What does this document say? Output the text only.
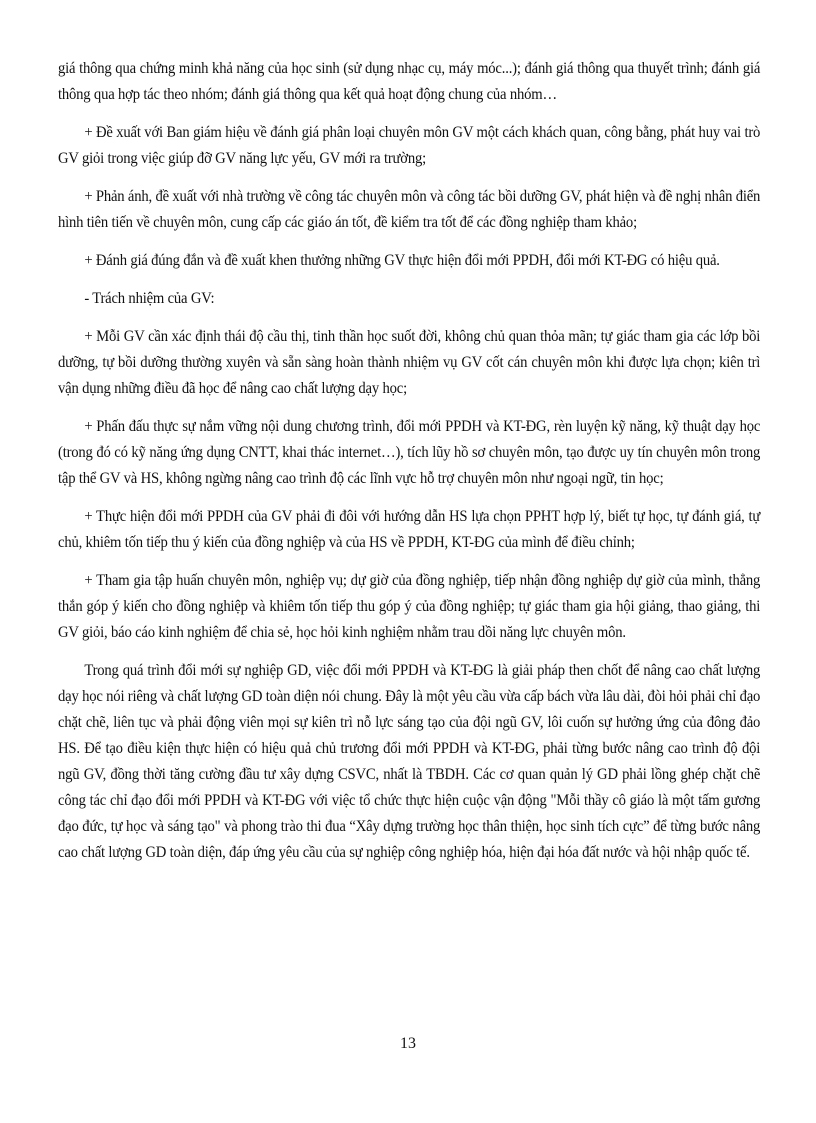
giá thông qua chứng minh khả năng của học sinh (sử dụng nhạc cụ, máy móc...); đánh giá thông qua thuyết trình; đánh giá thông qua hợp tác theo nhóm; đánh giá thông qua kết quả hoạt động chung của nhóm…

+ Đề xuất với Ban giám hiệu về đánh giá phân loại chuyên môn GV một cách khách quan, công bằng, phát huy vai trò GV giỏi trong việc giúp đỡ GV năng lực yếu, GV mới ra trường;

+ Phản ánh, đề xuất với nhà trường về công tác chuyên môn và công tác bồi dưỡng GV, phát hiện và đề nghị nhân điển hình tiên tiến về chuyên môn, cung cấp các giáo án tốt, đề kiểm tra tốt để các đồng nghiệp tham khảo;

+ Đánh giá đúng đắn và đề xuất khen thưởng những GV thực hiện đổi mới PPDH, đổi mới KT-ĐG có hiệu quả.

- Trách nhiệm của GV:

+ Mỗi GV cần xác định thái độ cầu thị, tinh thần học suốt đời, không chủ quan thỏa mãn; tự giác tham gia các lớp bồi dưỡng, tự bồi dưỡng thường xuyên và sẵn sàng hoàn thành nhiệm vụ GV cốt cán chuyên môn khi được lựa chọn; kiên trì vận dụng những điều đã học để nâng cao chất lượng dạy học;

+ Phấn đấu thực sự nắm vững nội dung chương trình, đổi mới PPDH và KT-ĐG, rèn luyện kỹ năng, kỹ thuật dạy học (trong đó có kỹ năng ứng dụng CNTT, khai thác internet…), tích lũy hồ sơ chuyên môn, tạo được uy tín chuyên môn trong tập thể GV và HS, không ngừng nâng cao trình độ các lĩnh vực hỗ trợ chuyên môn như ngoại ngữ, tin học;

+ Thực hiện đổi mới PPDH của GV phải đi đôi với hướng dẫn HS lựa chọn PPHT hợp lý, biết tự học, tự đánh giá, tự chủ, khiêm tốn tiếp thu ý kiến của đồng nghiệp và của HS về PPDH, KT-ĐG của mình để điều chỉnh;

+ Tham gia tập huấn chuyên môn, nghiệp vụ; dự giờ của đồng nghiệp, tiếp nhận đồng nghiệp dự giờ của mình, thẳng thắn góp ý kiến cho đồng nghiệp và khiêm tốn tiếp thu góp ý của đồng nghiệp; tự giác tham gia hội giảng, thao giảng, thi GV giỏi, báo cáo kinh nghiệm để chia sẻ, học hỏi kinh nghiệm nhằm trau dồi năng lực chuyên môn.

Trong quá trình đổi mới sự nghiệp GD, việc đổi mới PPDH và KT-ĐG là giải pháp then chốt để nâng cao chất lượng dạy học nói riêng và chất lượng GD toàn diện nói chung. Đây là một yêu cầu vừa cấp bách vừa lâu dài, đòi hỏi phải chỉ đạo chặt chẽ, liên tục và phải động viên mọi sự kiên trì nỗ lực sáng tạo của đội ngũ GV, lôi cuốn sự hưởng ứng của đông đảo HS. Để tạo điều kiện thực hiện có hiệu quả chủ trương đổi mới PPDH và KT-ĐG, phải từng bước nâng cao trình độ đội ngũ GV, đồng thời tăng cường đầu tư xây dựng CSVC, nhất là TBDH. Các cơ quan quản lý GD phải lồng ghép chặt chẽ công tác chỉ đạo đổi mới PPDH và KT-ĐG với việc tổ chức thực hiện cuộc vận động "Mỗi thầy cô giáo là một tấm gương đạo đức, tự học và sáng tạo" và phong trào thi đua “Xây dựng trường học thân thiện, học sinh tích cực” để từng bước nâng cao chất lượng GD toàn diện, đáp ứng yêu cầu của sự nghiệp công nghiệp hóa, hiện đại hóa đất nước và hội nhập quốc tế.

13
